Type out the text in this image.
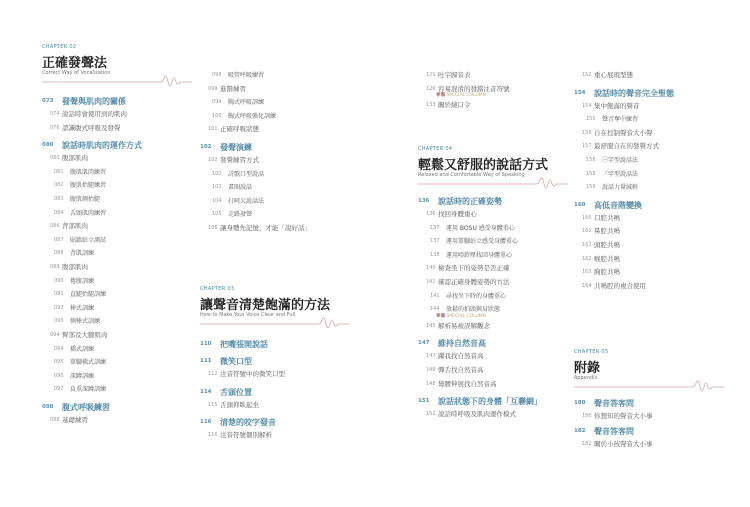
CHAPTER 02
正確發聲法
Correct Way of Vocalization
073 發聲與肌肉的關係
074 說話時會使用到的肌肉
076 認識腹式呼吸及發聲
080 說話時肌肉的運作方式
080 腹部肌肉
081 腹肌肌肉練習
082 腹肌抬腿練習
083 腹肌側抬腿
084 舌頭肌肉練習
086 背部肌肉
087 貼牆站立測試
088 背肌訓練
089 腹部肌肉
090 捲腹訓練
091 直腿抬腿訓練
092 棒式訓練
093 側棒式訓練
094 臀部及大腿肌肉
094 橋式訓練
095 單腳橋式訓練
096 深蹲訓練
097 負重深蹲訓練
098 腹式呼吸練習
098 基礎練習
098 吸管呼吸練習
099 進階練習
099 胸式呼吸訓練
100 胸式呼吸強化訓練
101 正確呼吸狀態
102 發聲演練
102 發聲練習方式
102 詩歌口型說話
103 畫圈說話
104 打呵欠說話法
105 走路發聲
106 讓身體先記憶，才能「說好話」
CHAPTER 03
讓聲音清楚飽滿的方法
How to Make Your Voice Clear and Full
110 把嘴張開說話
111 微笑口型
112 注音符號中的微笑口型
114 舌頭位置
115 舌頭仰臥起坐
116 清楚的咬字發音
116 注音符號個別解析
121 吐字歸音表
126 容易混淆的發錯注音符號
專欄 SPECIAL COLUMN
133 關於繞口令
CHAPTER 04
輕鬆又舒服的說話方式
Relaxed and Comfortable Way of Speaking
136 說話時的正確姿勢
136 找回身體重心
137 運用 BOSU 感受身體重心
137 運用單腳站立感受身體重心
138 運用啞鈴壓找回身體重心
140 檢查坐下的姿勢是否正確
141 確認正確身體姿勢的方法
141 尋找坐下時的身體重心
144 放鬆的拍頭與肩狀態
專欄 SPECIAL COLUMN
145 解析易被誤解觀念
147 維持自然音高
147 躍我找自然音高
148 彈舌找自然音高
148 彎腰伸展找自然音高
151 說話狀態下的身體「互聯網」
152 說話時呼吸及肌肉運作模式
152 重心展現型態
154 說話時的聲音完全聖態
154 集中飽滿的聲音
155 聲音奪中練習
156 自在控制聲音大小聲
157 最舒服自在的發聲方式
158 ㊀字型說話法
158 『字型說話法
159 說話力量減輕
160 高低音階變換
160 口腔共鳴
161 鼻腔共鳴
162 頭腔共鳴
162 喉腔共鳴
163 胸腔共鳴
164 共鳴腔的複合使用
CHAPTER 05
附錄
Appendix
180 聲音答客問
180 你想知的聲音大小事
182 聲音答客問
182 關於小孩聲音大小事
